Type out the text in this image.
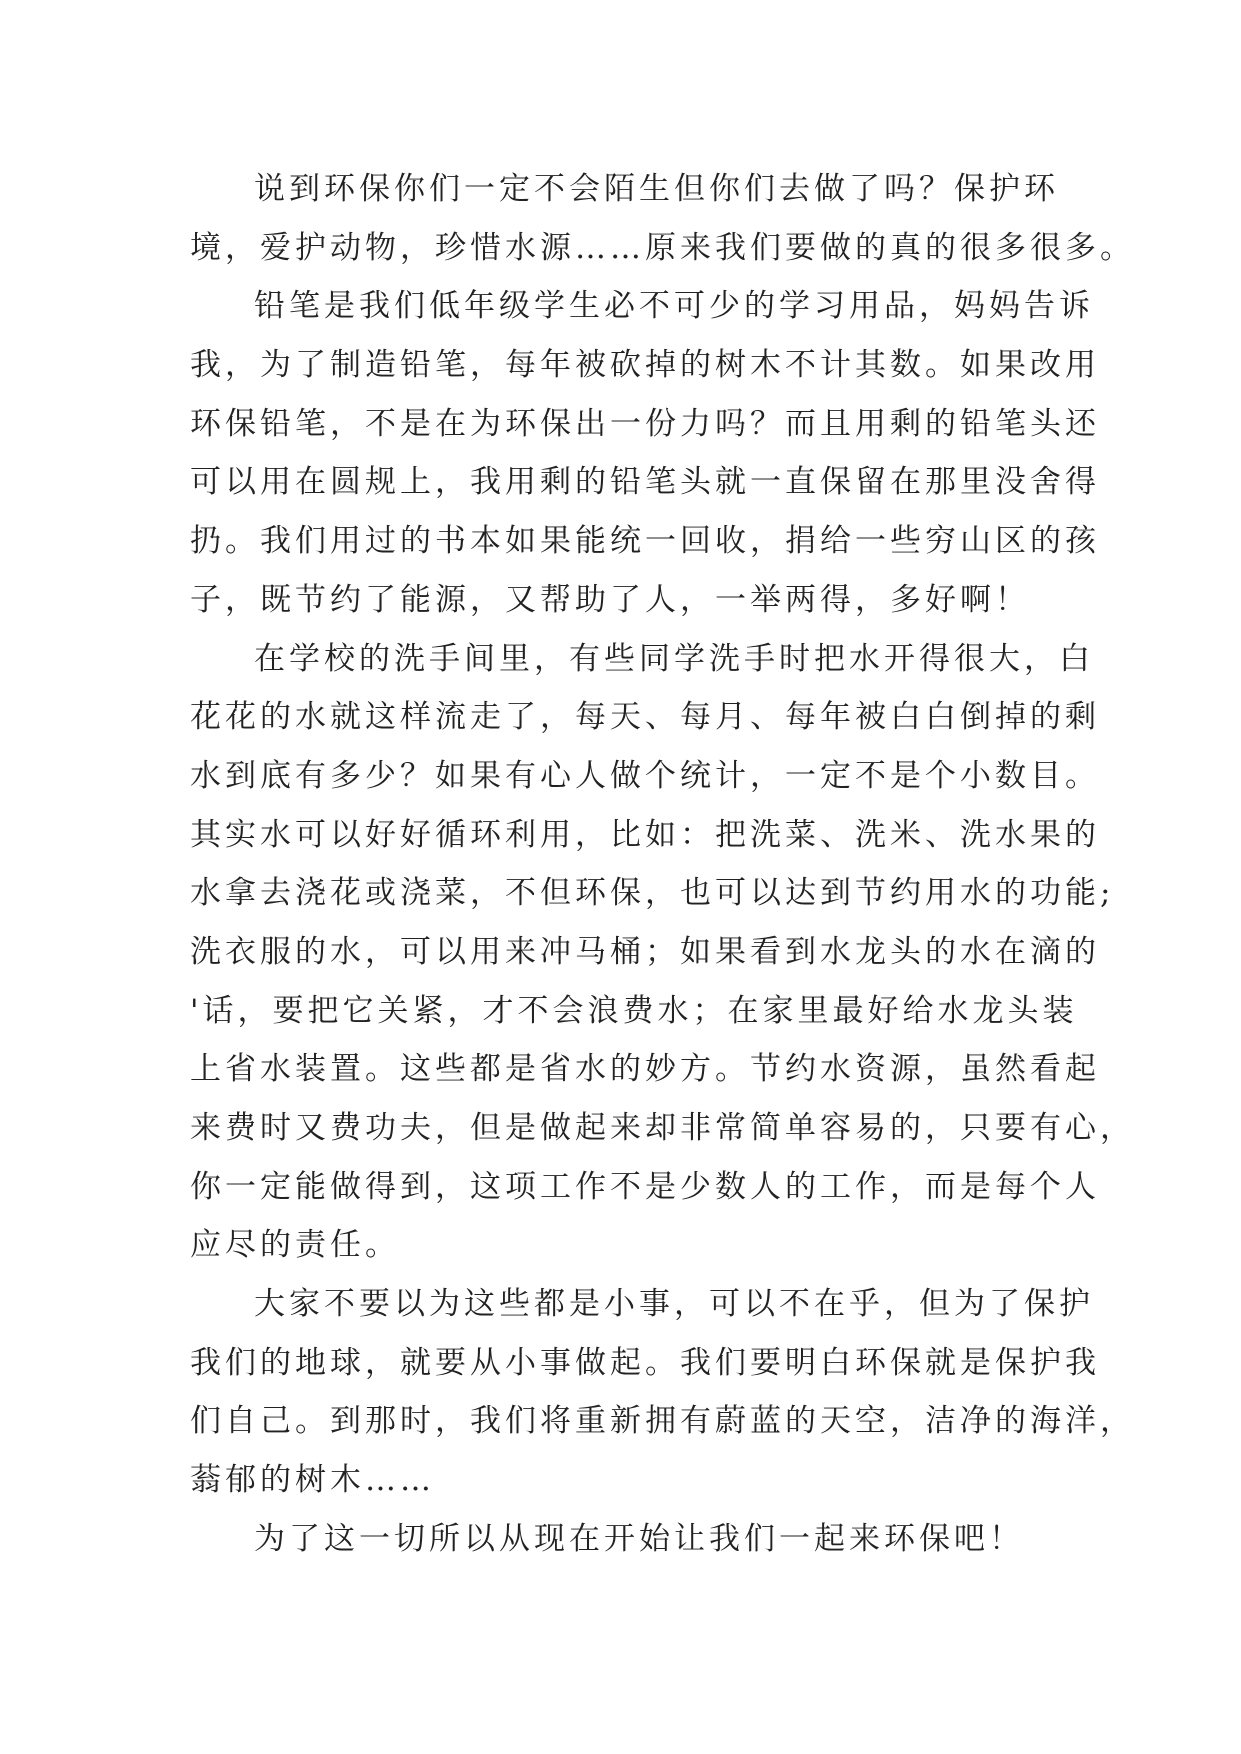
说到环保你们一定不会陌生但你们去做了吗？保护环
境，爱护动物，珍惜水源……原来我们要做的真的很多很多。
铅笔是我们低年级学生必不可少的学习用品，妈妈告诉
我，为了制造铅笔，每年被砍掉的树木不计其数。如果改用
环保铅笔，不是在为环保出一份力吗？而且用剩的铅笔头还
可以用在圆规上，我用剩的铅笔头就一直保留在那里没舍得
扔。我们用过的书本如果能统一回收，捐给一些穷山区的孩
子，既节约了能源，又帮助了人，一举两得，多好啊！
在学校的洗手间里，有些同学洗手时把水开得很大，白
花花的水就这样流走了，每天、每月、每年被白白倒掉的剩
水到底有多少？如果有心人做个统计，一定不是个小数目。
其实水可以好好循环利用，比如：把洗菜、洗米、洗水果的
水拿去浇花或浇菜，不但环保，也可以达到节约用水的功能;
洗衣服的水，可以用来冲马桶；如果看到水龙头的水在滴的
'话，要把它关紧，才不会浪费水；在家里最好给水龙头装
上省水装置。这些都是省水的妙方。节约水资源，虽然看起
来费时又费功夫，但是做起来却非常简单容易的，只要有心，
你一定能做得到，这项工作不是少数人的工作，而是每个人
应尽的责任。
大家不要以为这些都是小事，可以不在乎，但为了保护
我们的地球，就要从小事做起。我们要明白环保就是保护我
们自己。到那时，我们将重新拥有蔚蓝的天空，洁净的海洋，
蓊郁的树木……
为了这一切所以从现在开始让我们一起来环保吧！
